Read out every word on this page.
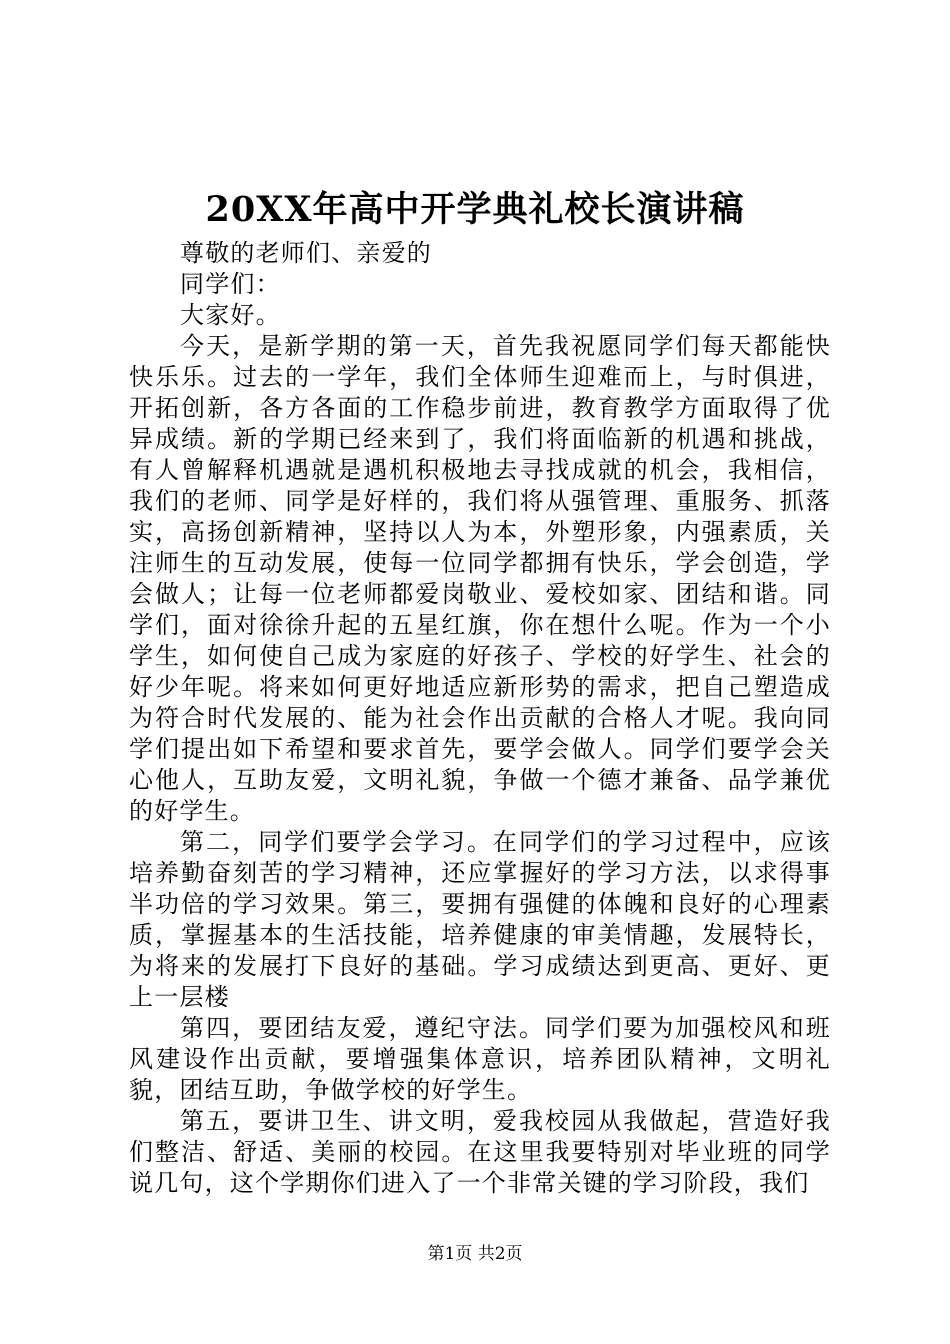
20XX年高中开学典礼校长演讲稿

尊敬的老师们、亲爱的

同学们：

大家好。

今天，是新学期的第一天，首先我祝愿同学们每天都能快快乐乐。过去的一学年，我们全体师生迎难而上，与时俱进，开拓创新，各方各面的工作稳步前进，教育教学方面取得了优异成绩。新的学期已经来到了，我们将面临新的机遇和挑战，有人曾解释机遇就是遇机积极地去寻找成就的机会，我相信，我们的老师、同学是好样的，我们将从强管理、重服务、抓落实，高扬创新精神，坚持以人为本，外塑形象，内强素质，关注师生的互动发展，使每一位同学都拥有快乐，学会创造，学会做人；让每一位老师都爱岗敬业、爱校如家、团结和谐。同学们，面对徐徐升起的五星红旗，你在想什么呢。作为一个小学生，如何使自己成为家庭的好孩子、学校的好学生、社会的好少年呢。将来如何更好地适应新形势的需求，把自己塑造成为符合时代发展的、能为社会作出贡献的合格人才呢。我向同学们提出如下希望和要求首先，要学会做人。同学们要学会关心他人，互助友爱，文明礼貌，争做一个德才兼备、品学兼优的好学生。

第二，同学们要学会学习。在同学们的学习过程中，应该培养勤奋刻苦的学习精神，还应掌握好的学习方法，以求得事半功倍的学习效果。第三，要拥有强健的体魄和良好的心理素质，掌握基本的生活技能，培养健康的审美情趣，发展特长，为将来的发展打下良好的基础。学习成绩达到更高、更好、更上一层楼

第四，要团结友爱，遵纪守法。同学们要为加强校风和班风建设作出贡献，要增强集体意识，培养团队精神，文明礼貌，团结互助，争做学校的好学生。

第五，要讲卫生、讲文明，爱我校园从我做起，营造好我们整洁、舒适、美丽的校园。在这里我要特别对毕业班的同学说几句，这个学期你们进入了一个非常关键的学习阶段，我们

第1页 共2页
